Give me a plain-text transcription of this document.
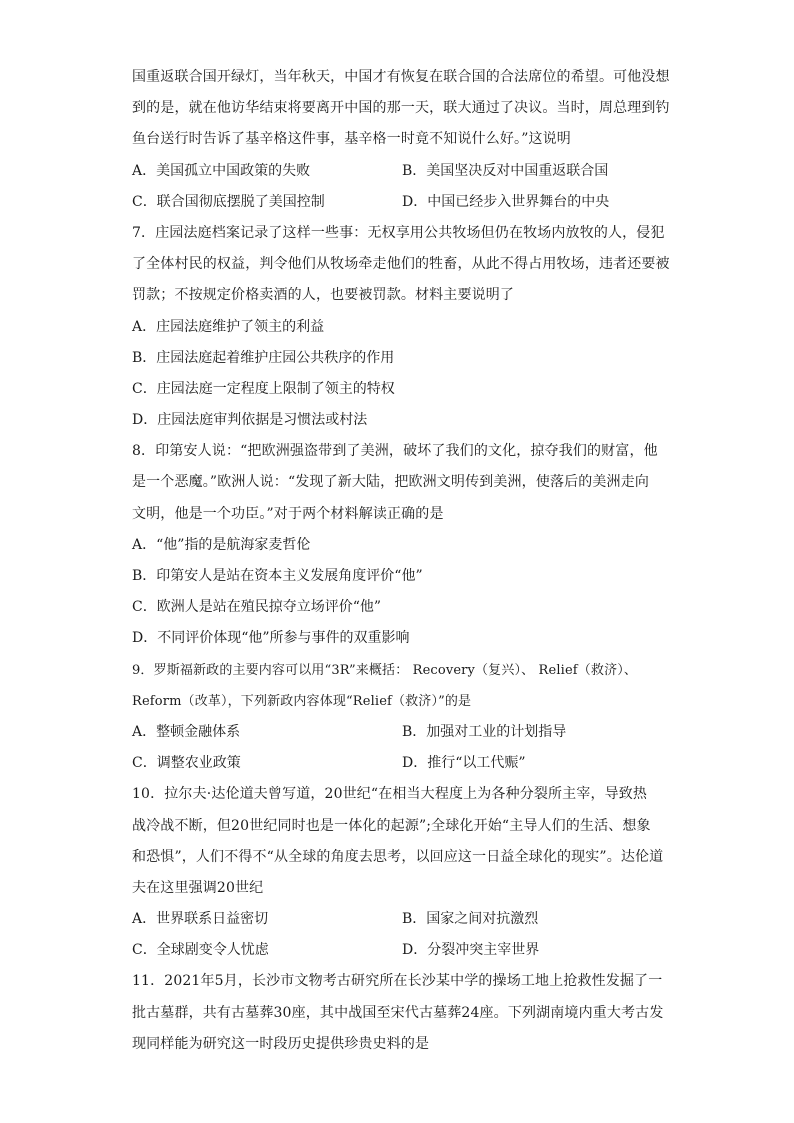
国重返联合国开绿灯，当年秋天，中国才有恢复在联合国的合法席位的希望。可他没想
到的是，就在他访华结束将要离开中国的那一天，联大通过了决议。当时，周总理到钓
鱼台送行时告诉了基辛格这件事，基辛格一时竟不知说什么好。”这说明
A．美国孤立中国政策的失败	B．美国坚决反对中国重返联合国
C．联合国彻底摆脱了美国控制	D．中国已经步入世界舞台的中央
7．庄园法庭档案记录了这样一些事：无权享用公共牧场但仍在牧场内放牧的人，侵犯
了全体村民的权益，判令他们从牧场牵走他们的牲畜，从此不得占用牧场，违者还要被
罚款；不按规定价格卖酒的人，也要被罚款。材料主要说明了
A．庄园法庭维护了领主的利益
B．庄园法庭起着维护庄园公共秩序的作用
C．庄园法庭一定程度上限制了领主的特权
D．庄园法庭审判依据是习惯法或村法
8．印第安人说：“把欧洲强盗带到了美洲，破坏了我们的文化，掠夺我们的财富，他
是一个恶魔。”欧洲人说：“发现了新大陆，把欧洲文明传到美洲，使落后的美洲走向
文明，他是一个功臣。”对于两个材料解读正确的是
A．“他”指的是航海家麦哲伦
B．印第安人是站在资本主义发展角度评价“他”
C．欧洲人是站在殖民掠夺立场评价“他”
D．不同评价体现“他”所参与事件的双重影响
9．罗斯福新政的主要内容可以用“3R”来概括： Recovery（复兴）、 Relief（救济）、
Reform（改革），下列新政内容体现“Relief（救济）”的是
A．整顿金融体系	B．加强对工业的计划指导
C．调整农业政策	D．推行“以工代赈”
10．拉尔夫·达伦道夫曾写道，20世纪“在相当大程度上为各种分裂所主宰，导致热
战冷战不断，但20世纪同时也是一体化的起源”;全球化开始“主导人们的生活、想象
和恐惧”，人们不得不“从全球的角度去思考，以回应这一日益全球化的现实”。达伦道
夫在这里强调20世纪
A．世界联系日益密切	B．国家之间对抗激烈
C．全球剧变令人忧虑	D．分裂冲突主宰世界
11．2021年5月，长沙市文物考古研究所在长沙某中学的操场工地上抢救性发掘了一
批古墓群，共有古墓葬30座，其中战国至宋代古墓葬24座。下列湖南境内重大考古发
现同样能为研究这一时段历史提供珍贵史料的是
